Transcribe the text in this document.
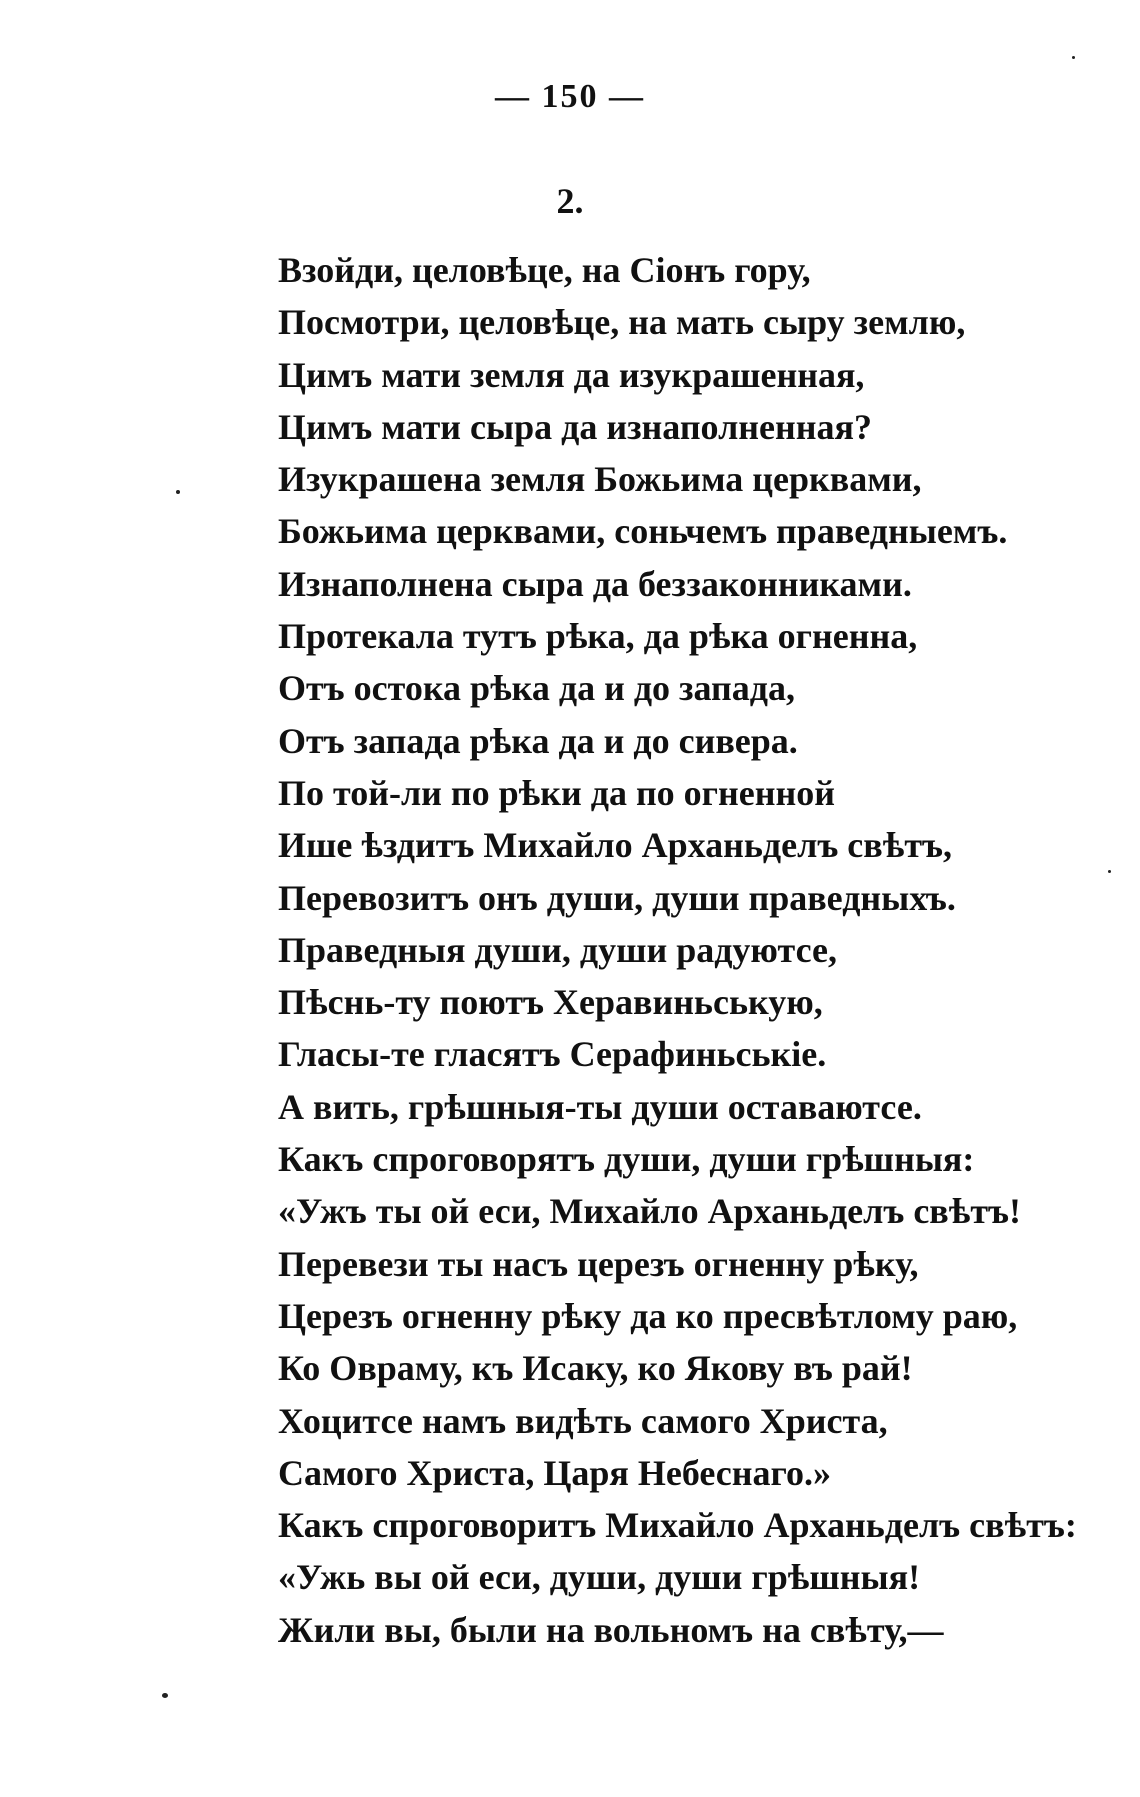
— 150 —
2.
Взойди, целовѣце, на Сіонъ гору,
Посмотри, целовѣце, на мать сыру землю,
Цимъ мати земля да изукрашенная,
Цимъ мати сыра да изнаполненная?
Изукрашена земля Божьима церквами,
Божьима церквами, соньчемъ праведныемъ.
Изнаполнена сыра да беззаконниками.
Протекала тутъ рѣка, да рѣка огненна,
Отъ остока рѣка да и до запада,
Отъ запада рѣка да и до сивера.
По той-ли по рѣки да по огненной
Ише ѣздитъ Михайло Арханьделъ свѣтъ,
Перевозитъ онъ души, души праведныхъ.
Праведныя души, души радуютсе,
Пѣснь-ту поютъ Херавиньськую,
Гласы-те гласятъ Серафиньськіе.
А вить, грѣшныя-ты души оставаютсе.
Какъ спроговорятъ души, души грѣшныя:
«Ужъ ты ой еси, Михайло Арханьделъ свѣтъ!
Перевези ты насъ церезъ огненну рѣку,
Церезъ огненну рѣку да ко пресвѣтлому раю,
Ко Овраму, къ Исаку, ко Якову въ рай!
Хоцитсе намъ видѣть самого Христа,
Самого Христа, Царя Небеснаго.»
Какъ спроговоритъ Михайло Арханьделъ свѣтъ:
«Ужь вы ой еси, души, души грѣшныя!
Жили вы, были на вольномъ на свѣту,—
